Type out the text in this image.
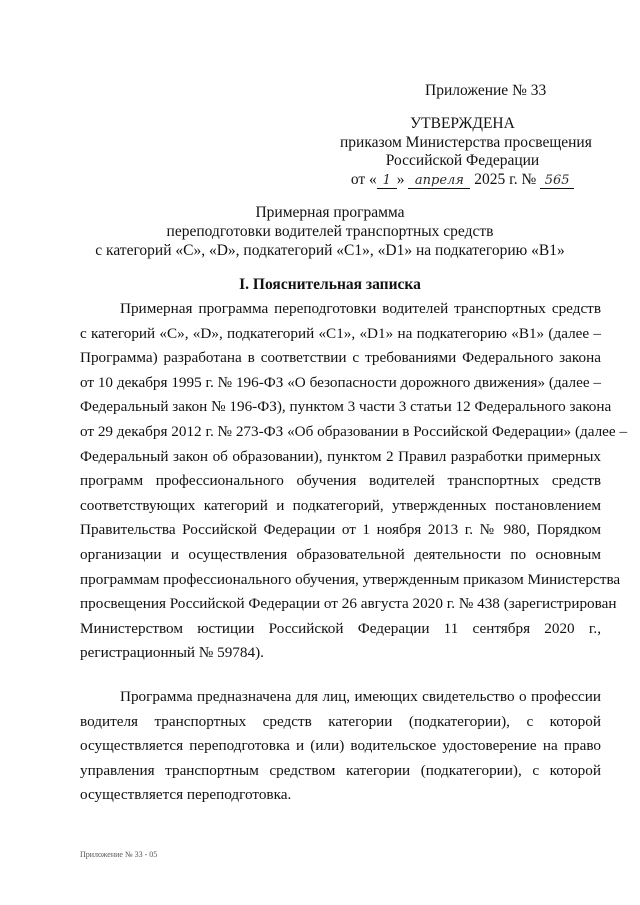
Приложение № 33
УТВЕРЖДЕНА
приказом Министерства просвещения
Российской Федерации
от « 1 » апреля 2025 г. № 565
Примерная программа
переподготовки водителей транспортных средств
с категорий «С», «D», подкатегорий «С1», «D1» на подкатегорию «В1»
I. Пояснительная записка
Примерная программа переподготовки водителей транспортных средств
с категорий «С», «D», подкатегорий «С1», «D1» на подкатегорию «В1» (далее –
Программа) разработана в соответствии с требованиями Федерального закона
от 10 декабря 1995 г. № 196-ФЗ «О безопасности дорожного движения» (далее –
Федеральный закон № 196-ФЗ), пунктом 3 части 3 статьи 12 Федерального закона
от 29 декабря 2012 г. № 273-ФЗ «Об образовании в Российской Федерации» (далее –
Федеральный закон об образовании), пунктом 2 Правил разработки примерных
программ профессионального обучения водителей транспортных средств
соответствующих категорий и подкатегорий, утвержденных постановлением
Правительства Российской Федерации от 1 ноября 2013 г. № 980, Порядком
организации и осуществления образовательной деятельности по основным
программам профессионального обучения, утвержденным приказом Министерства
просвещения Российской Федерации от 26 августа 2020 г. № 438 (зарегистрирован
Министерством юстиции Российской Федерации 11 сентября 2020 г.,
регистрационный № 59784).
Программа предназначена для лиц, имеющих свидетельство о профессии
водителя транспортных средств категории (подкатегории), с которой
осуществляется переподготовка и (или) водительское удостоверение на право
управления транспортным средством категории (подкатегории), с которой
осуществляется переподготовка.
Приложение № 33 - 05
